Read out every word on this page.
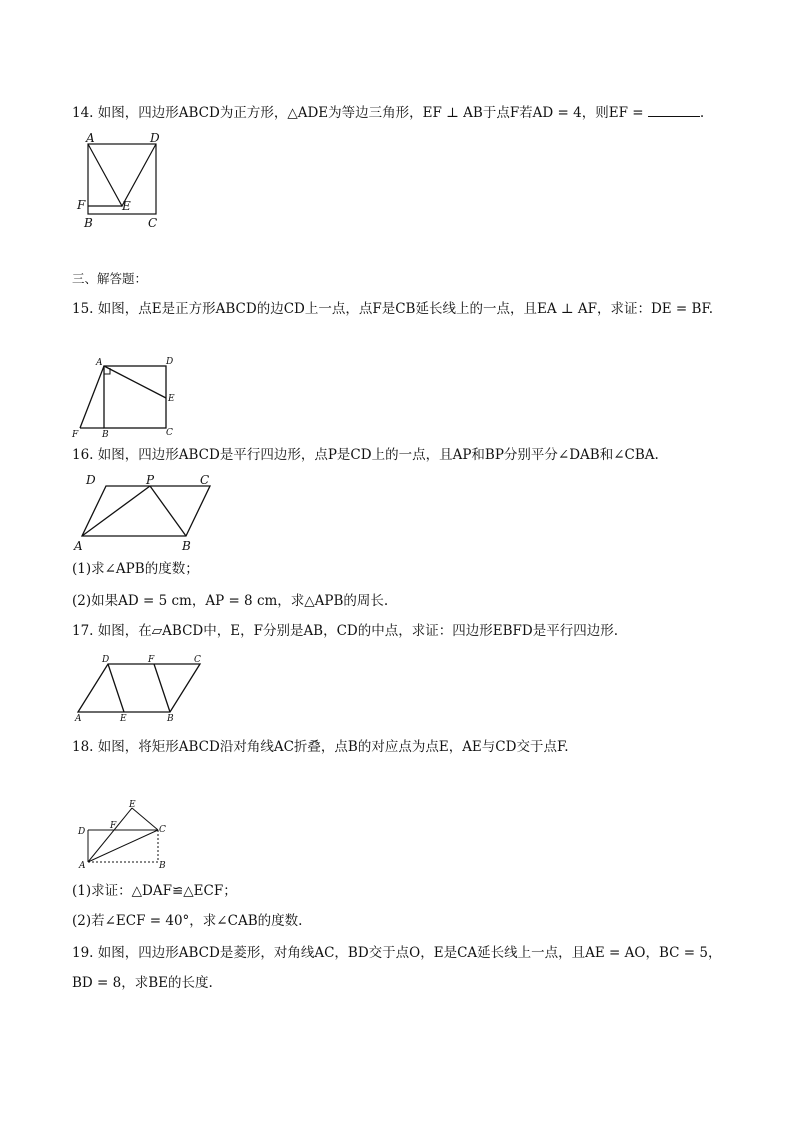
14. 如图，四边形ABCD为正方形，△ADE为等边三角形，EF ⊥ AB于点F若AD = 4，则EF =	.
A	D
F	E
B	C
三、解答题：
15. 如图，点E是正方形ABCD的边CD上一点，点F是CB延长线上的一点，且EA ⊥ AF，求证：DE = BF.
A	D
E
F	B	C
16. 如图，四边形ABCD是平行四边形，点P是CD上的一点，且AP和BP分别平分∠DAB和∠CBA.
D	P	C
A	B
(1)求∠APB的度数；
(2)如果AD = 5 cm，AP = 8 cm，求△APB的周长.
17. 如图，在▱ABCD中，E，F分别是AB，CD的中点，求证：四边形EBFD是平行四边形.
D	F	C
A	E	B
18. 如图，将矩形ABCD沿对角线AC折叠，点B的对应点为点E，AE与CD交于点F.
E
D
F	C
A	B
(1)求证：△DAF≌△ECF；
(2)若∠ECF = 40°，求∠CAB的度数.
19. 如图，四边形ABCD是菱形，对角线AC，BD交于点O，E是CA延长线上一点，且AE = AO，BC = 5，
BD = 8，求BE的长度.
